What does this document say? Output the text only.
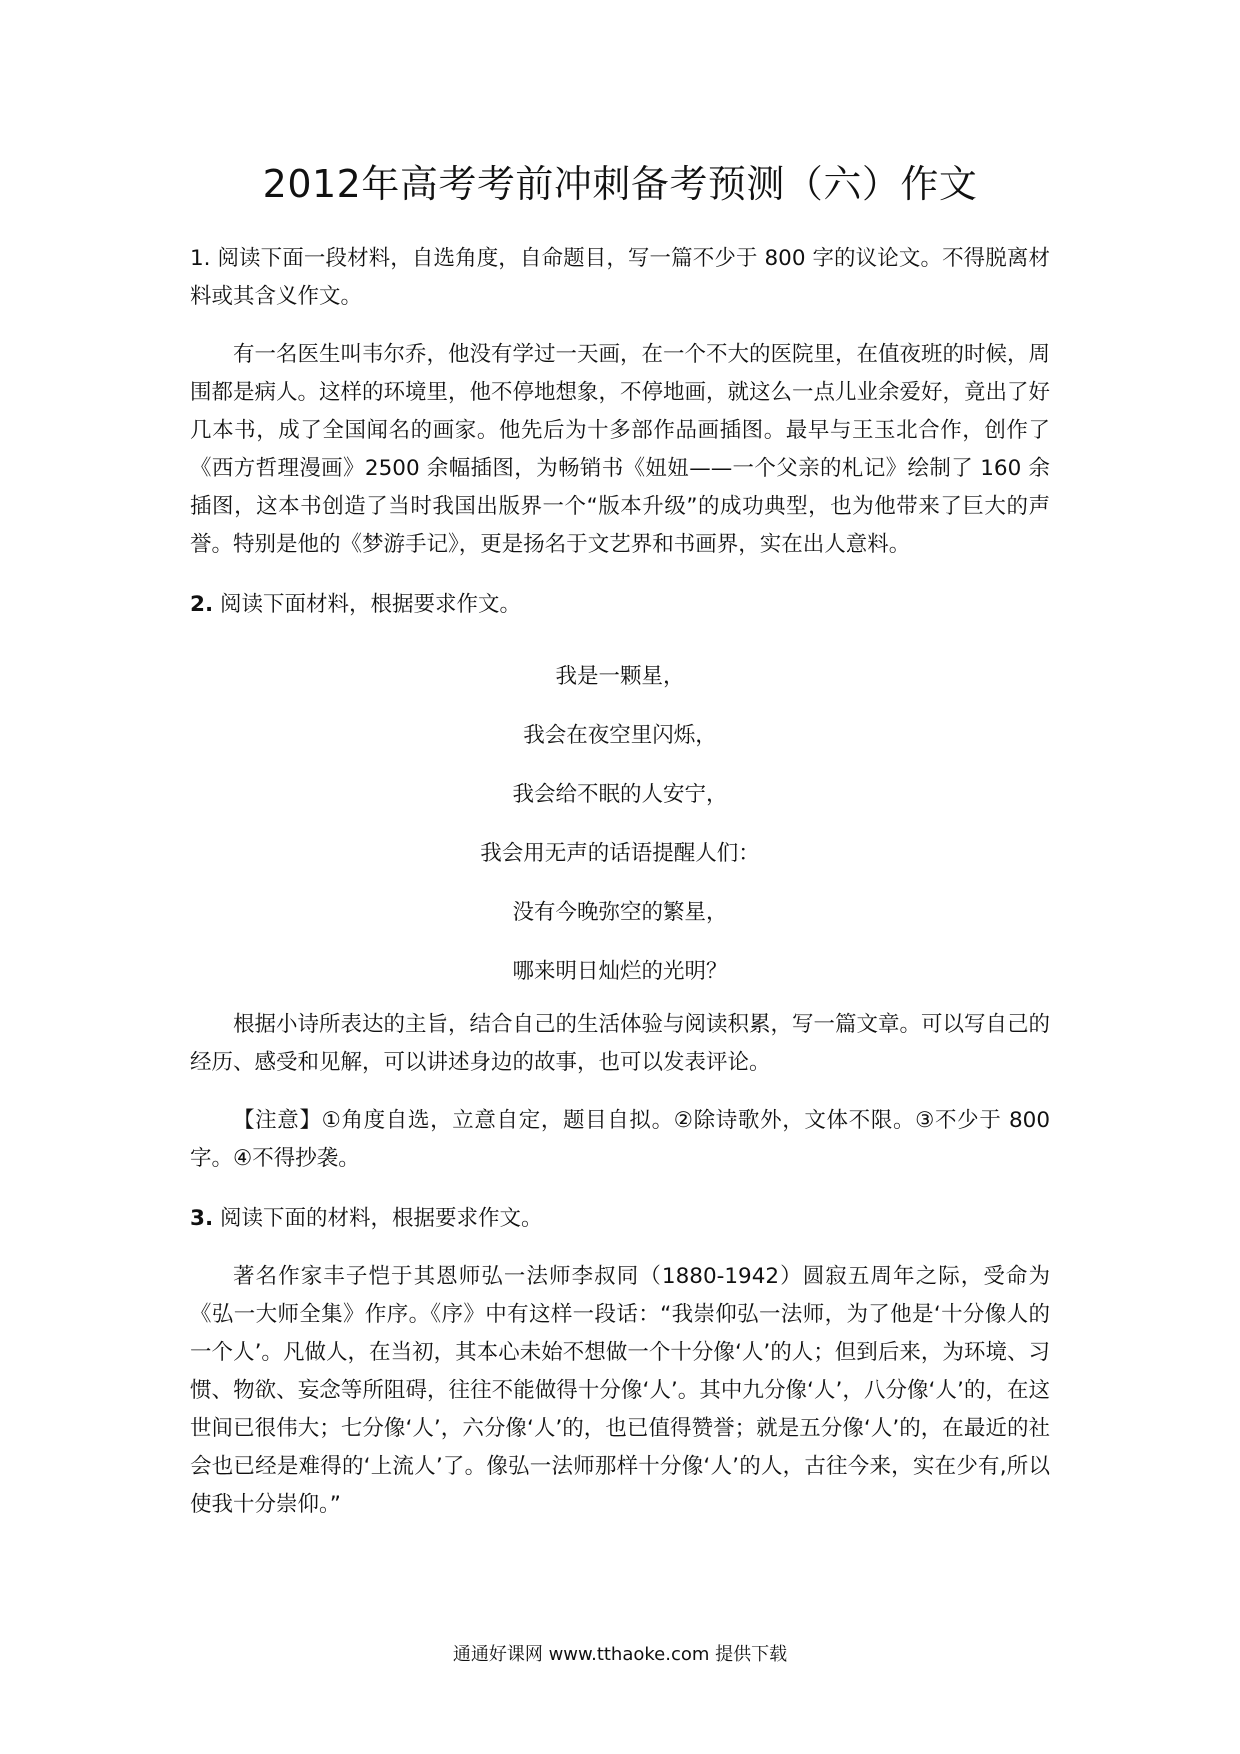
2012年高考考前冲刺备考预测（六）作文

1. 阅读下面一段材料，自选角度，自命题目，写一篇不少于 800 字的议论文。不得脱离材料或其含义作文。

有一名医生叫韦尔乔，他没有学过一天画，在一个不大的医院里，在值夜班的时候，周围都是病人。这样的环境里，他不停地想象，不停地画，就这么一点儿业余爱好，竟出了好几本书，成了全国闻名的画家。他先后为十多部作品画插图。最早与王玉北合作，创作了《西方哲理漫画》2500 余幅插图，为畅销书《妞妞——一个父亲的札记》绘制了 160 余插图，这本书创造了当时我国出版界一个“版本升级”的成功典型，也为他带来了巨大的声誉。特别是他的《梦游手记》，更是扬名于文艺界和书画界，实在出人意料。

2. 阅读下面材料，根据要求作文。

我是一颗星，

我会在夜空里闪烁，

我会给不眠的人安宁，

我会用无声的话语提醒人们：

没有今晚弥空的繁星，

哪来明日灿烂的光明？

根据小诗所表达的主旨，结合自己的生活体验与阅读积累，写一篇文章。可以写自己的经历、感受和见解，可以讲述身边的故事，也可以发表评论。

【注意】①角度自选，立意自定，题目自拟。②除诗歌外，文体不限。③不少于 800 字。④不得抄袭。

3. 阅读下面的材料，根据要求作文。

著名作家丰子恺于其恩师弘一法师李叔同（1880-1942）圆寂五周年之际，受命为《弘一大师全集》作序。《序》中有这样一段话：“我崇仰弘一法师，为了他是‘十分像人的一个人’。凡做人，在当初，其本心未始不想做一个十分像‘人’的人；但到后来，为环境、习惯、物欲、妄念等所阻碍，往往不能做得十分像‘人’。其中九分像‘人’，八分像‘人’的，在这世间已很伟大；七分像‘人’，六分像‘人’的，也已值得赞誉；就是五分像‘人’的，在最近的社会也已经是难得的‘上流人’了。像弘一法师那样十分像‘人’的人，古往今来，实在少有,所以使我十分崇仰。”

通通好课网 www.tthaoke.com 提供下载
